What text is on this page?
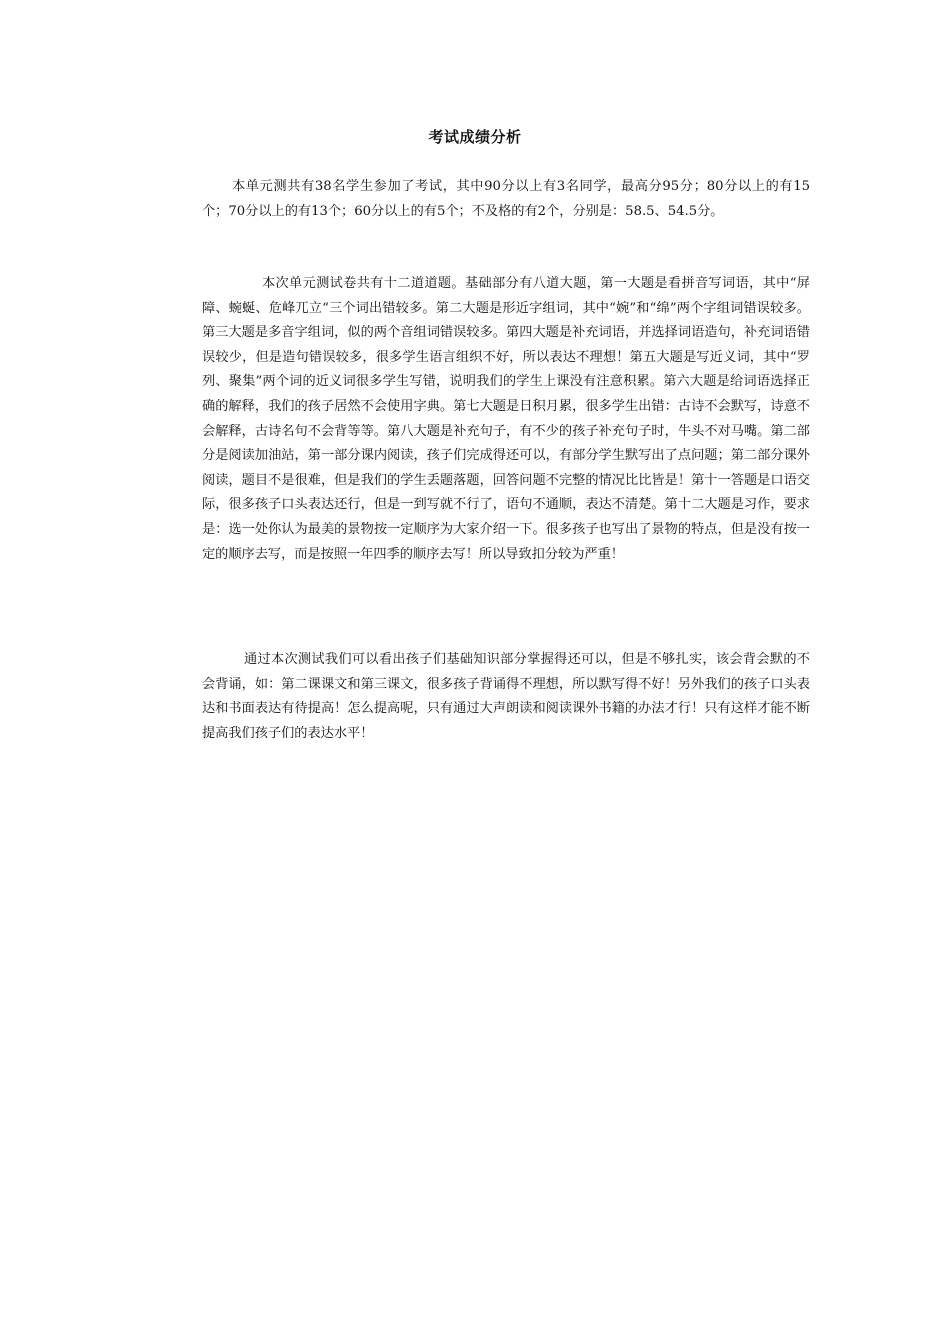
考试成绩分析

本单元测共有38名学生参加了考试，其中90分以上有3名同学，最高分95分；80分以上的有15个；70分以上的有13个；60分以上的有5个；不及格的有2个，分别是：58.5、54.5分。

本次单元测试卷共有十二道道题。基础部分有八道大题，第一大题是看拼音写词语，其中“屏障、蜿蜒、危峰兀立“三个词出错较多。第二大题是形近字组词，其中“婉”和“绵”两个字组词错误较多。第三大题是多音字组词，似的两个音组词错误较多。第四大题是补充词语，并选择词语造句，补充词语错误较少，但是造句错误较多，很多学生语言组织不好，所以表达不理想！第五大题是写近义词，其中“罗列、聚集”两个词的近义词很多学生写错，说明我们的学生上课没有注意积累。第六大题是给词语选择正确的解释，我们的孩子居然不会使用字典。第七大题是日积月累，很多学生出错：古诗不会默写，诗意不会解释，古诗名句不会背等等。第八大题是补充句子，有不少的孩子补充句子时，牛头不对马嘴。第二部分是阅读加油站，第一部分课内阅读，孩子们完成得还可以，有部分学生默写出了点问题；第二部分课外阅读，题目不是很难，但是我们的学生丢题落题，回答问题不完整的情况比比皆是！第十一答题是口语交际，很多孩子口头表达还行，但是一到写就不行了，语句不通顺，表达不清楚。第十二大题是习作，要求是：选一处你认为最美的景物按一定顺序为大家介绍一下。很多孩子也写出了景物的特点，但是没有按一定的顺序去写，而是按照一年四季的顺序去写！所以导致扣分较为严重！

通过本次测试我们可以看出孩子们基础知识部分掌握得还可以，但是不够扎实，该会背会默的不会背诵，如：第二课课文和第三课文，很多孩子背诵得不理想，所以默写得不好！另外我们的孩子口头表达和书面表达有待提高！怎么提高呢，只有通过大声朗读和阅读课外书籍的办法才行！只有这样才能不断提高我们孩子们的表达水平！
